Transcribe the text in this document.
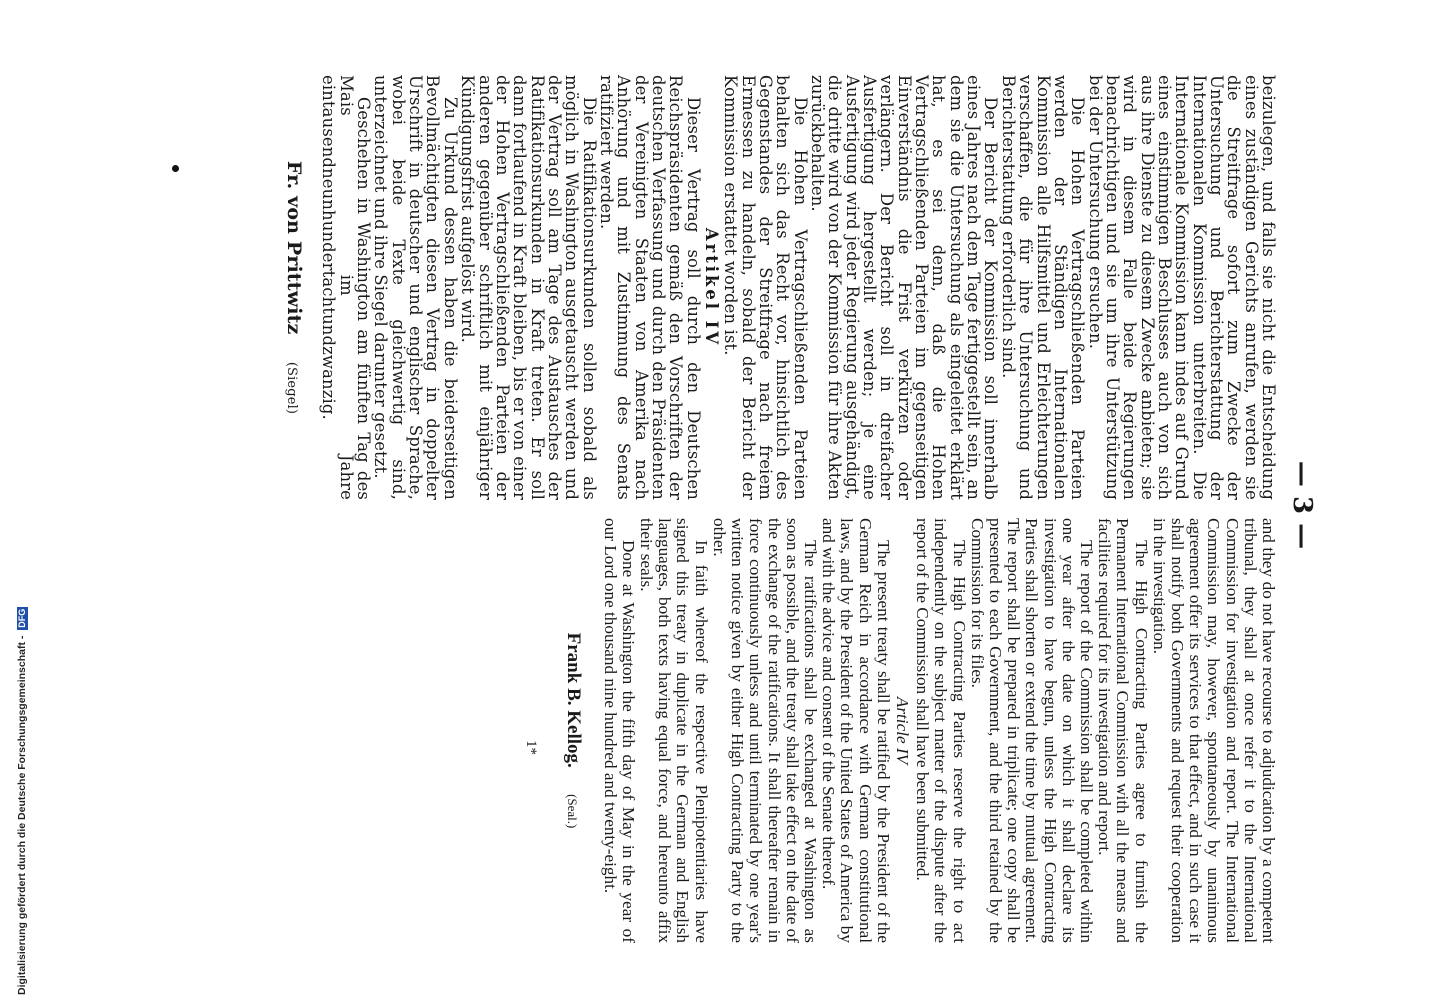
— 3 —

beizulegen, und falls sie nicht die Entscheidung eines zuständigen Gerichts anrufen, werden sie die Streitfrage sofort zum Zwecke der Untersuchung und Berichterstattung der Internationalen Kommission unterbreiten. Die Internationale Kommission kann indes auf Grund eines einstimmigen Beschlusses auch von sich aus ihre Dienste zu diesem Zwecke anbieten; sie wird in diesem Falle beide Regierungen benachrichtigen und sie um ihre Unterstützung bei der Untersuchung ersuchen.

Die Hohen Vertragschließenden Parteien werden der Ständigen Internationalen Kommission alle Hilfsmittel und Erleichterungen verschaffen, die für ihre Untersuchung und Berichterstattung erforderlich sind.

Der Bericht der Kommission soll innerhalb eines Jahres nach dem Tage fertiggestellt sein, an dem sie die Untersuchung als eingeleitet erklärt hat, es sei denn, daß die Hohen Vertragschließenden Parteien im gegenseitigen Einverständnis die Frist verkürzen oder verlängern. Der Bericht soll in dreifacher Ausfertigung hergestellt werden; je eine Ausfertigung wird jeder Regierung ausgehändigt, die dritte wird von der Kommission für ihre Akten zurückbehalten.

Die Hohen Vertragschließenden Parteien behalten sich das Recht vor, hinsichtlich des Gegenstandes der Streitfrage nach freiem Ermessen zu handeln, sobald der Bericht der Kommission erstattet worden ist.

Artikel IV

Dieser Vertrag soll durch den Deutschen Reichspräsidenten gemäß den Vorschriften der deutschen Verfassung und durch den Präsidenten der Vereinigten Staaten von Amerika nach Anhörung und mit Zustimmung des Senats ratifiziert werden.

Die Ratifikationsurkunden sollen sobald als möglich in Washington ausgetauscht werden und der Vertrag soll am Tage des Austausches der Ratifikationsurkunden in Kraft treten. Er soll dann fortlaufend in Kraft bleiben, bis er von einer der Hohen Vertragschließenden Parteien der anderen gegenüber schriftlich mit einjähriger Kündigungsfrist aufgelöst wird.

Zu Urkund dessen haben die beiderseitigen Bevollmächtigten diesen Vertrag in doppelter Urschrift in deutscher und englischer Sprache, wobei beide Texte gleichwertig sind, unterzeichnet und ihre Siegel darunter gesetzt.

Geschehen in Washington am fünften Tag des Mais im Jahre eintausendneunhundertachtundzwanzig.

Fr. von Prittwitz (Siegel)

and they do not have recourse to adjudication by a competent tribunal, they shall at once refer it to the International Commission for investigation and report. The International Commission may, however, spontaneously by unanimous agreement offer its services to that effect, and in such case it shall notify both Governments and request their cooperation in the investigation.

The High Contracting Parties agree to furnish the Permanent International Commission with all the means and facilities required for its investigation and report.

The report of the Commission shall be completed within one year after the date on which it shall declare its investigation to have begun, unless the High Contracting Parties shall shorten or extend the time by mutual agreement. The report shall be prepared in triplicate; one copy shall be presented to each Government, and the third retained by the Commission for its files.

The High Contracting Parties reserve the right to act independently on the subject matter of the dispute after the report of the Commission shall have been submitted.

Article IV

The present treaty shall be ratified by the President of the German Reich in accordance with German constitutional laws, and by the President of the United States of America by and with the advice and consent of the Senate thereof.

The ratifications shall be exchanged at Washington as soon as possible, and the treaty shall take effect on the date of the exchange of the ratifications. It shall thereafter remain in force continuously unless and until terminated by one year's written notice given by either High Contracting Party to the other.

In faith whereof the respective Plenipotentiaries have signed this treaty in duplicate in the German and English languages, both texts having equal force, and hereunto affix their seals.

Done at Washington the fifth day of May in the year of our Lord one thousand nine hundred and twenty-eight.

Frank B. Kellog. (Seal.)
1*
Digitalisierung gefördert durch die Deutsche Forschungsgemeinschaft - DFG
